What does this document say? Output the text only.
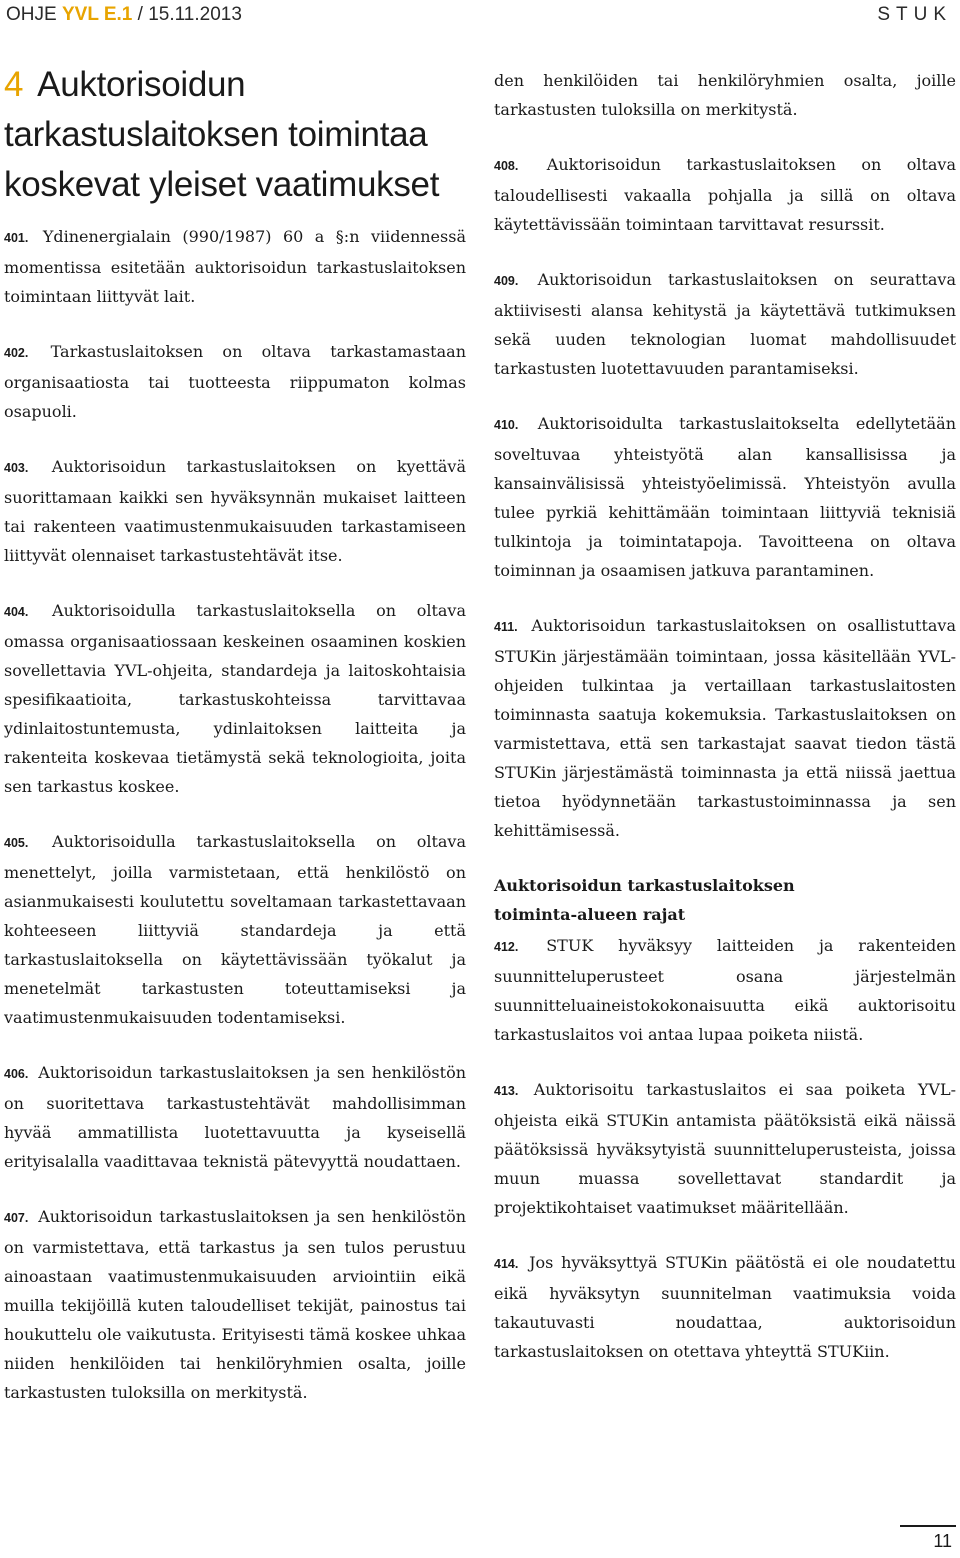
OHJE YVL E.1 / 15.11.2013	STUK
4 Auktorisoidun tarkastuslaitoksen toimintaa koskevat yleiset vaatimukset

401. Ydinenergialain (990/1987) 60 a §:n viidennessä momentissa esitetään auktorisoidun tarkastuslaitoksen toimintaan liittyvät lait.

402. Tarkastuslaitoksen on oltava tarkastamastaan organisaatiosta tai tuotteesta riippumaton kolmas osapuoli.

403. Auktorisoidun tarkastuslaitoksen on kyettävä suorittamaan kaikki sen hyväksynnän mukaiset laitteen tai rakenteen vaatimustenmukaisuuden tarkastamiseen liittyvät olennaiset tarkastustehtävät itse.

404. Auktorisoidulla tarkastuslaitoksella on oltava omassa organisaatiossaan keskeinen osaaminen koskien sovellettavia YVL-ohjeita, standardeja ja laitoskohtaisia spesifikaatioita, tarkastuskohteissa tarvittavaa ydinlaitostuntemusta, ydinlaitoksen laitteita ja rakenteita koskevaa tietämystä sekä teknologioita, joita sen tarkastus koskee.

405. Auktorisoidulla tarkastuslaitoksella on oltava menettelyt, joilla varmistetaan, että henkilöstö on asianmukaisesti koulutettu soveltamaan tarkastettavaan kohteeseen liittyviä standardeja ja että tarkastuslaitoksella on käytettävissään työkalut ja menetelmät tarkastusten toteuttamiseksi ja vaatimustenmukaisuuden todentamiseksi.

406. Auktorisoidun tarkastuslaitoksen ja sen henkilöstön on suoritettava tarkastustehtävät mahdollisimman hyvää ammatillista luotettavuutta ja kyseisellä erityisalalla vaadittavaa teknistä pätevyyttä noudattaen.

407. Auktorisoidun tarkastuslaitoksen ja sen henkilöstön on varmistettava, että tarkastus ja sen tulos perustuu ainoastaan vaatimustenmukaisuuden arviointiin eikä muilla tekijöillä kuten taloudelliset tekijät, painostus tai houkuttelu ole vaikutusta. Erityisesti tämä koskee uhkaa niiden henkilöiden tai henkilöryhmien osalta, joille tarkastusten tuloksilla on merkitystä.

den henkilöiden tai henkilöryhmien osalta, joille tarkastusten tuloksilla on merkitystä.

408. Auktorisoidun tarkastuslaitoksen on oltava taloudellisesti vakaalla pohjalla ja sillä on oltava käytettävissään toimintaan tarvittavat resurssit.

409. Auktorisoidun tarkastuslaitoksen on seurattava aktiivisesti alansa kehitystä ja käytettävä tutkimuksen sekä uuden teknologian luomat mahdollisuudet tarkastusten luotettavuuden parantamiseksi.

410. Auktorisoidulta tarkastuslaitokselta edellytetään soveltuvaa yhteistyötä alan kansallisissa ja kansainvälisissä yhteistyöelimissä. Yhteistyön avulla tulee pyrkiä kehittämään toimintaan liittyviä teknisiä tulkintoja ja toimintatapoja. Tavoitteena on oltava toiminnan ja osaamisen jatkuva parantaminen.

411. Auktorisoidun tarkastuslaitoksen on osallistuttava STUKin järjestämään toimintaan, jossa käsitellään YVL-ohjeiden tulkintaa ja vertaillaan tarkastuslaitosten toiminnasta saatuja kokemuksia. Tarkastuslaitoksen on varmistettava, että sen tarkastajat saavat tiedon tästä STUKin järjestämästä toiminnasta ja että niissä jaettua tietoa hyödynnetään tarkastustoiminnassa ja sen kehittämisessä.

Auktorisoidun tarkastuslaitoksen
toiminta-alueen rajat

412. STUK hyväksyy laitteiden ja rakenteiden suunnitteluperusteet osana järjestelmän suunnitteluaineistokokonaisuutta eikä auktorisoitu tarkastuslaitos voi antaa lupaa poiketa niistä.

413. Auktorisoitu tarkastuslaitos ei saa poiketa YVL-ohjeista eikä STUKin antamista päätöksistä eikä näissä päätöksissä hyväksytyistä suunnitteluperusteista, joissa muun muassa sovellettavat standardit ja projektikohtaiset vaatimukset määritellään.

414. Jos hyväksyttyä STUKin päätöstä ei ole noudatettu eikä hyväksytyn suunnitelman vaatimuksia voida takautuvasti noudattaa, auktorisoidun tarkastuslaitoksen on otettava yhteyttä STUKiin.

11
